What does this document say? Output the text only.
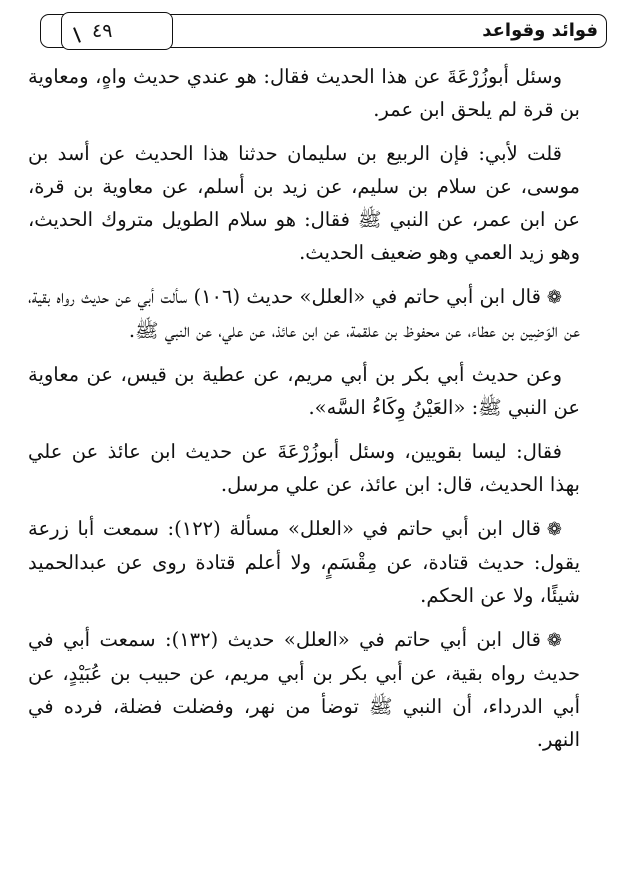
فوائد وقواعد
٤٩

وسئل أبوزُرْعَةَ عن هذا الحديث فقال: هو عندي حديث واهٍ، ومعاوية بن قرة لم يلحق ابن عمر.

قلت لأبي: فإن الربيع بن سليمان حدثنا هذا الحديث عن أسد بن موسى، عن سلام بن سليم، عن زيد بن أسلم، عن معاوية بن قرة، عن ابن عمر، عن النبي ﷺ فقال: هو سلام الطويل متروك الحديث، وهو زيد العمي وهو ضعيف الحديث.

❁قال ابن أبي حاتم في «العلل» حديث (١٠٦) سألت أبي عن حديث رواه بقية، عن الوَضِين بن عطاء، عن محفوظ بن علقمة، عن ابن عائذ، عن علي، عن النبي ﷺ.

وعن حديث أبي بكر بن أبي مريم، عن عطية بن قيس، عن معاوية عن النبي ﷺ: «العَيْنُ وِكَاءُ السَّه».

فقال: ليسا بقويين، وسئل أبوزُرْعَةَ عن حديث ابن عائذ عن علي بهذا الحديث، قال: ابن عائذ، عن علي مرسل.

❁قال ابن أبي حاتم في «العلل» مسألة (١٢٢): سمعت أبا زرعة يقول: حديث قتادة، عن مِقْسَمٍ، ولا أعلم قتادة روى عن عبدالحميد شيئًا، ولا عن الحكم.

❁قال ابن أبي حاتم في «العلل» حديث (١٣٢): سمعت أبي في حديث رواه بقية، عن أبي بكر بن أبي مريم، عن حبيب بن عُبَيْدٍ، عن أبي الدرداء، أن النبي ﷺ توضأ من نهر، وفضلت فضلة، فرده في النهر.
